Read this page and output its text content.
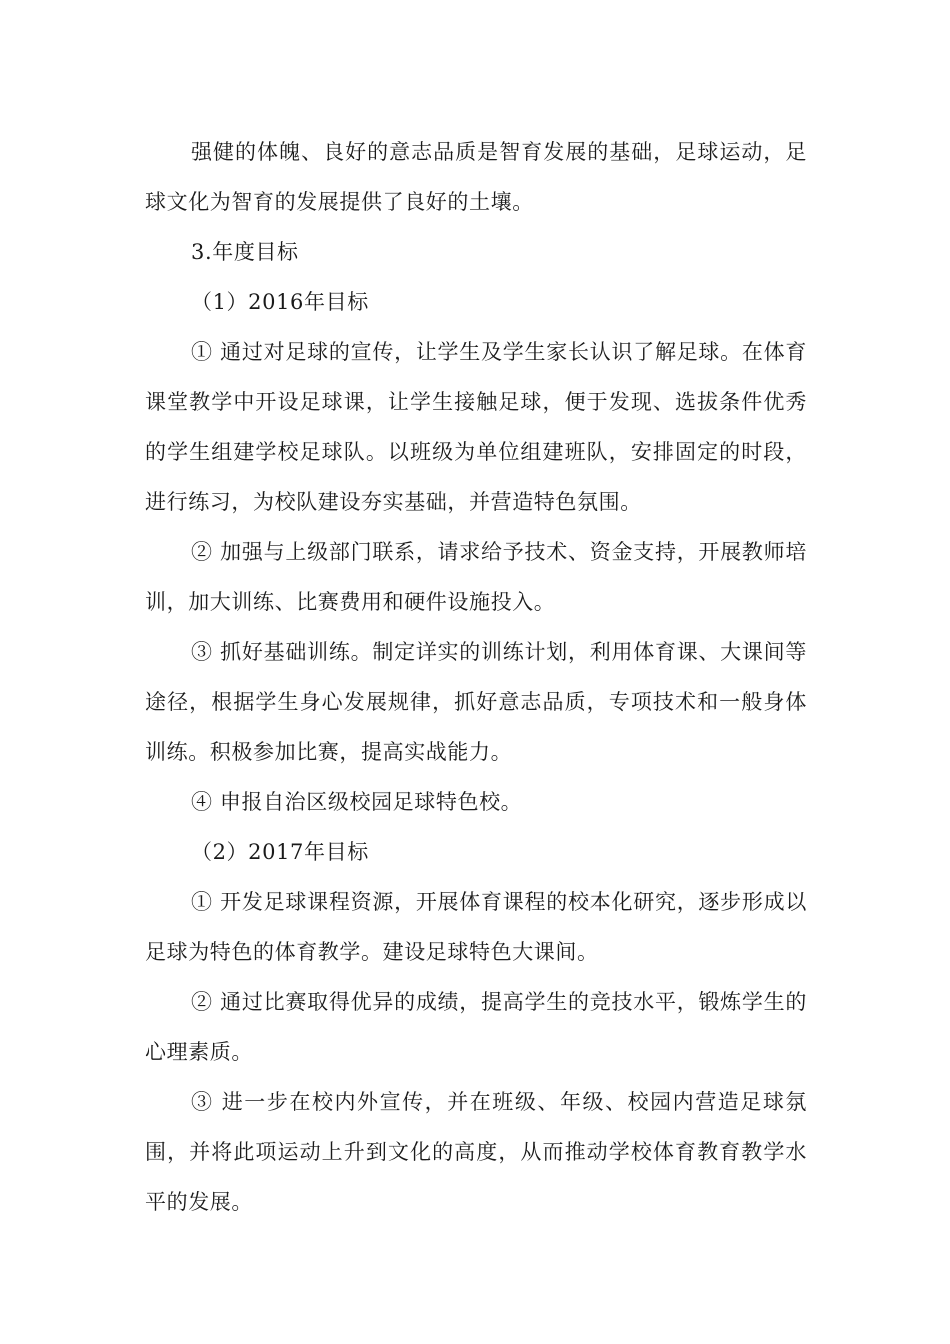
强健的体魄、良好的意志品质是智育发展的基础，足球运动，足球文化为智育的发展提供了良好的土壤。

3.年度目标

（1）2016年目标

① 通过对足球的宣传，让学生及学生家长认识了解足球。在体育课堂教学中开设足球课，让学生接触足球，便于发现、选拔条件优秀的学生组建学校足球队。以班级为单位组建班队，安排固定的时段，进行练习，为校队建设夯实基础，并营造特色氛围。

② 加强与上级部门联系，请求给予技术、资金支持，开展教师培训，加大训练、比赛费用和硬件设施投入。

③ 抓好基础训练。制定详实的训练计划，利用体育课、大课间等途径，根据学生身心发展规律，抓好意志品质，专项技术和一般身体训练。积极参加比赛，提高实战能力。

④ 申报自治区级校园足球特色校。

（2）2017年目标

① 开发足球课程资源，开展体育课程的校本化研究，逐步形成以足球为特色的体育教学。建设足球特色大课间。

② 通过比赛取得优异的成绩，提高学生的竞技水平，锻炼学生的心理素质。

③ 进一步在校内外宣传，并在班级、年级、校园内营造足球氛围，并将此项运动上升到文化的高度，从而推动学校体育教育教学水平的发展。
